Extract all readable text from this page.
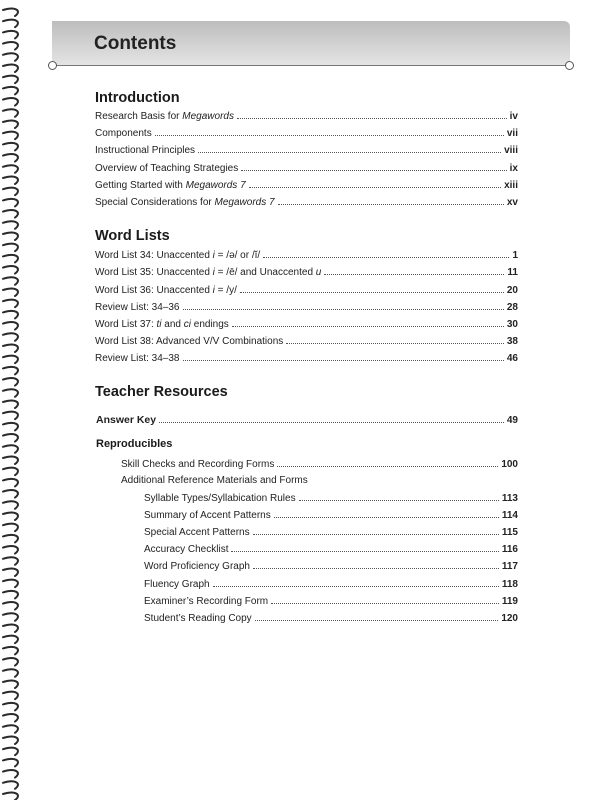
Contents
Introduction
Research Basis for Megawords	iv
Components	vii
Instructional Principles	viii
Overview of Teaching Strategies	ix
Getting Started with Megawords 7	xiii
Special Considerations for Megawords 7	xv
Word Lists
Word List 34: Unaccented i = /ə/ or /ĭ/	1
Word List 35: Unaccented i = /ē/ and Unaccented u	11
Word List 36: Unaccented i = /y/	20
Review List: 34–36	28
Word List 37: ti and ci endings	30
Word List 38: Advanced V/V Combinations	38
Review List: 34–38	46
Teacher Resources
Answer Key	49
Reproducibles
Skill Checks and Recording Forms	100
Additional Reference Materials and Forms
Syllable Types/Syllabication Rules	113
Summary of Accent Patterns	114
Special Accent Patterns	115
Accuracy Checklist	116
Word Proficiency Graph	117
Fluency Graph	118
Examiner’s Recording Form	119
Student’s Reading Copy	120
